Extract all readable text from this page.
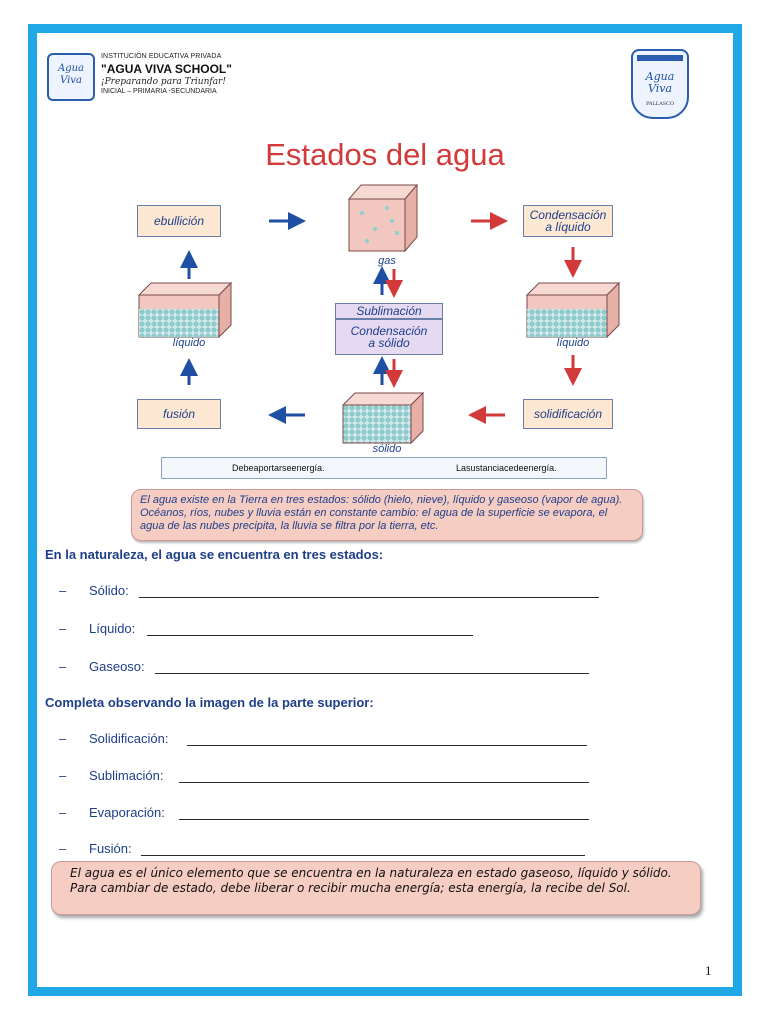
Agua
Viva
INSTITUCIÓN EDUCATIVA PRIVADA
"AGUA VIVA SCHOOL"
¡Preparando para Triunfar!
INICIAL – PRIMARIA -SECUNDARIA
Agua
Viva
PALLASCO
Estados del agua
ebullición	Condensación
a líquido
gas
Sublimación
Condensación
a sólido
líquido	líquido
fusión	solidificación
sólido
Debeaportarseenergía.	Lasustanciacedeenergía.
El agua existe en la Tierra en tres estados: sólido (hielo, nieve), líquido y gaseoso (vapor de agua). Océanos, ríos, nubes y lluvia están en constante cambio: el agua de la superficie se evapora, el agua de las nubes precipita, la lluvia se filtra por la tierra, etc.
En la naturaleza, el agua se encuentra en tres estados:
– Sólido:
– Líquido:
– Gaseoso:
Completa observando la imagen de la parte superior:
– Solidificación:
– Sublimación:
– Evaporación:
– Fusión:
El agua es el único elemento que se encuentra en la naturaleza en estado gaseoso, líquido y sólido. Para cambiar de estado, debe liberar o recibir mucha energía; esta energía, la recibe del Sol.
1
